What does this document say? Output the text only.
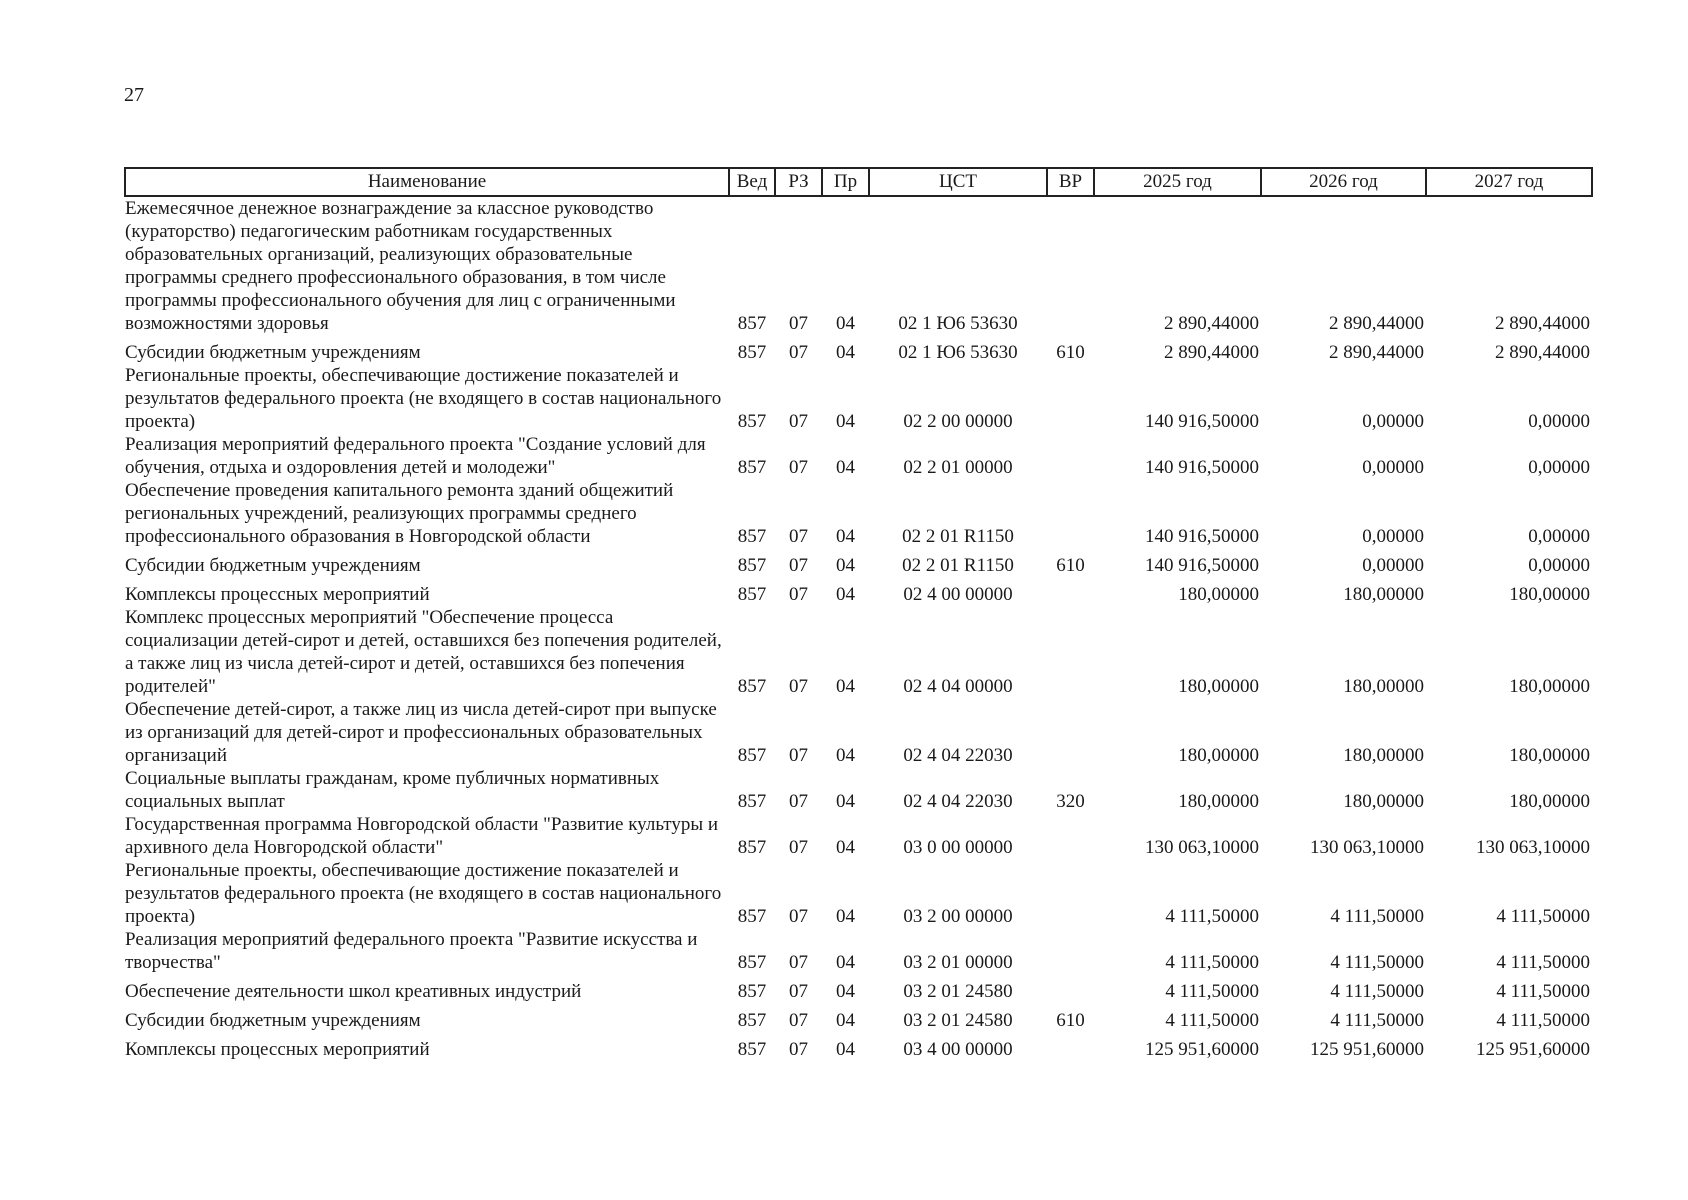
27
Наименование	Вед	РЗ	Пр	ЦСТ	ВР	2025 год	2026 год	2027 год
Ежемесячное денежное вознаграждение за классное руководство (кураторство) педагогическим работникам государственных образовательных организаций, реализующих образовательные программы среднего профессионального образования, в том числе программы профессионального обучения для лиц с ограниченными возможностями здоровья	857	07	04	02 1 Ю6 53630		2 890,44000	2 890,44000	2 890,44000
Субсидии бюджетным учреждениям	857	07	04	02 1 Ю6 53630	610	2 890,44000	2 890,44000	2 890,44000
Региональные проекты, обеспечивающие достижение показателей и результатов федерального проекта (не входящего в состав национального проекта)	857	07	04	02 2 00 00000		140 916,50000	0,00000	0,00000
Реализация мероприятий федерального проекта "Создание условий для обучения, отдыха и оздоровления детей и молодежи"	857	07	04	02 2 01 00000		140 916,50000	0,00000	0,00000
Обеспечение проведения капитального ремонта зданий общежитий региональных учреждений, реализующих программы среднего профессионального образования в Новгородской области	857	07	04	02 2 01 R1150		140 916,50000	0,00000	0,00000
Субсидии бюджетным учреждениям	857	07	04	02 2 01 R1150	610	140 916,50000	0,00000	0,00000
Комплексы процессных мероприятий	857	07	04	02 4 00 00000		180,00000	180,00000	180,00000
Комплекс процессных мероприятий "Обеспечение процесса социализации детей-сирот и детей, оставшихся без попечения родителей, а также лиц из числа детей-сирот и детей, оставшихся без попечения родителей"	857	07	04	02 4 04 00000		180,00000	180,00000	180,00000
Обеспечение детей-сирот, а также лиц из числа детей-сирот при выпуске из организаций для детей-сирот и профессиональных образовательных организаций	857	07	04	02 4 04 22030		180,00000	180,00000	180,00000
Социальные выплаты гражданам, кроме публичных нормативных социальных выплат	857	07	04	02 4 04 22030	320	180,00000	180,00000	180,00000
Государственная программа Новгородской области "Развитие культуры и архивного дела Новгородской области"	857	07	04	03 0 00 00000		130 063,10000	130 063,10000	130 063,10000
Региональные проекты, обеспечивающие достижение показателей и результатов федерального проекта (не входящего в состав национального проекта)	857	07	04	03 2 00 00000		4 111,50000	4 111,50000	4 111,50000
Реализация мероприятий федерального проекта "Развитие искусства и творчества"	857	07	04	03 2 01 00000		4 111,50000	4 111,50000	4 111,50000
Обеспечение деятельности школ креативных индустрий	857	07	04	03 2 01 24580		4 111,50000	4 111,50000	4 111,50000
Субсидии бюджетным учреждениям	857	07	04	03 2 01 24580	610	4 111,50000	4 111,50000	4 111,50000
Комплексы процессных мероприятий	857	07	04	03 4 00 00000		125 951,60000	125 951,60000	125 951,60000
